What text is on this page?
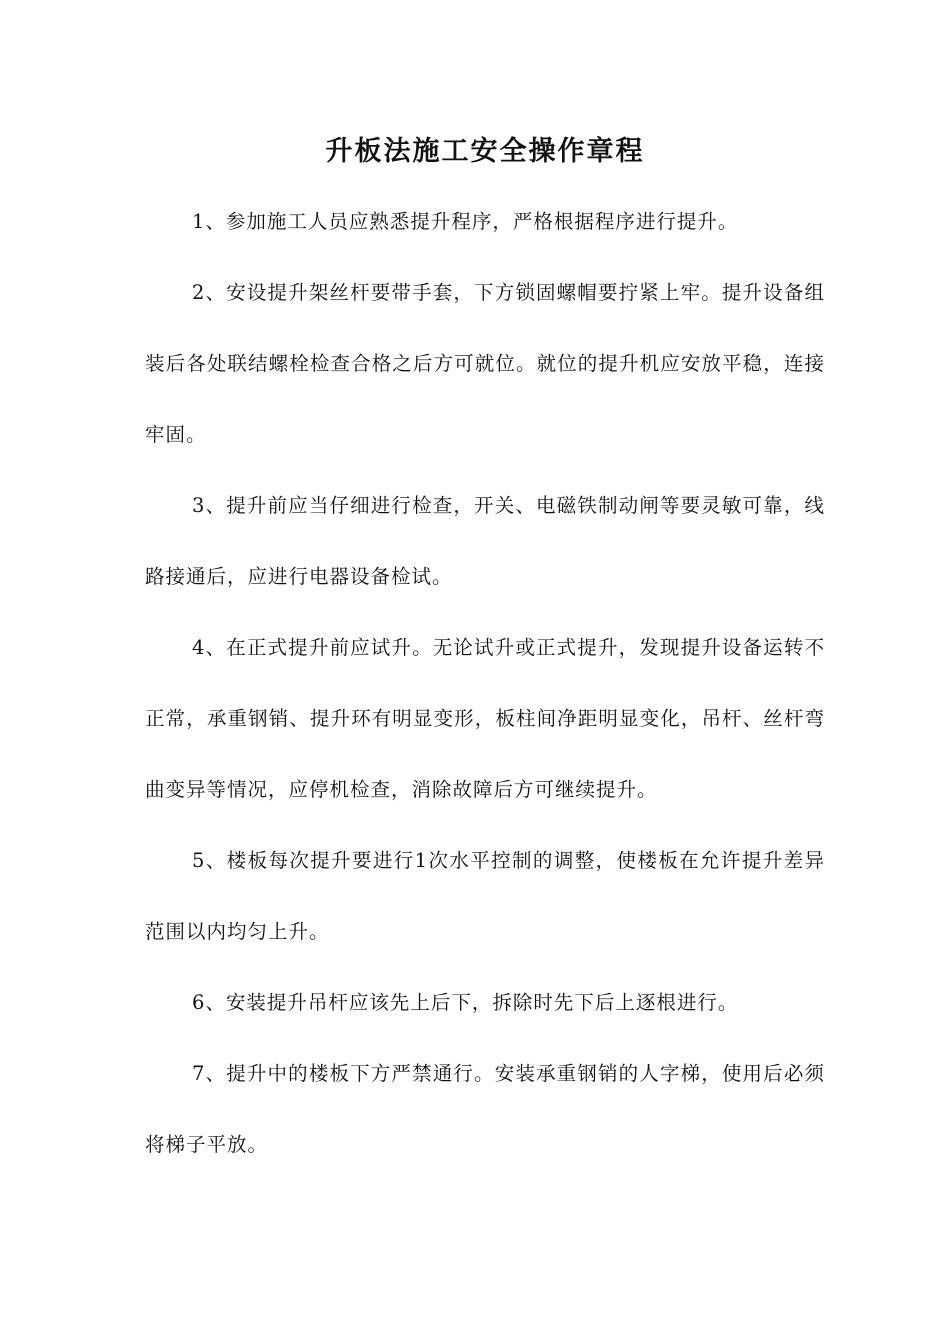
升板法施工安全操作章程

1、参加施工人员应熟悉提升程序，严格根据程序进行提升。

2、安设提升架丝杆要带手套，下方锁固螺帽要拧紧上牢。提升设备组装后各处联结螺栓检查合格之后方可就位。就位的提升机应安放平稳，连接牢固。

3、提升前应当仔细进行检查，开关、电磁铁制动闸等要灵敏可靠，线路接通后，应进行电器设备检试。

4、在正式提升前应试升。无论试升或正式提升，发现提升设备运转不正常，承重钢销、提升环有明显变形，板柱间净距明显变化，吊杆、丝杆弯曲变异等情况，应停机检查，消除故障后方可继续提升。

5、楼板每次提升要进行1次水平控制的调整，使楼板在允许提升差异范围以内均匀上升。

6、安装提升吊杆应该先上后下，拆除时先下后上逐根进行。

7、提升中的楼板下方严禁通行。安装承重钢销的人字梯，使用后必须将梯子平放。
